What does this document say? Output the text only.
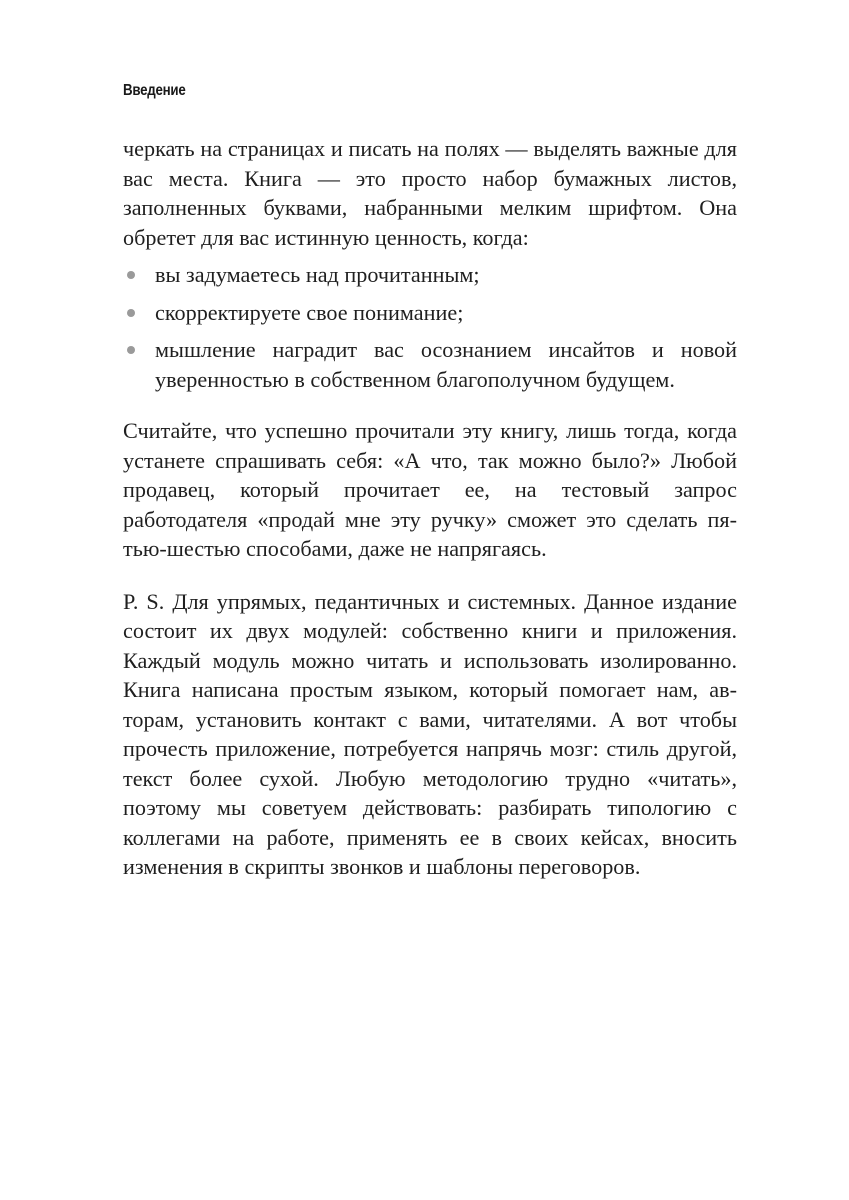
Введение

черкать на страницах и писать на полях — выделять важные для вас места. Книга — это просто набор бумажных листов, заполненных буквами, набранными мелким шрифтом. Она обретет для вас истинную ценность, когда:

вы задумаетесь над прочитанным;
скорректируете свое понимание;
мышление наградит вас осознанием инсайтов и новой уверенностью в собственном благополучном будущем.

Считайте, что успешно прочитали эту книгу, лишь тогда, когда устанете спрашивать себя: «А что, так можно было?» Любой продавец, который прочитает ее, на тестовый запрос работодателя «продай мне эту ручку» сможет это сделать пятью-шестью способами, даже не напрягаясь.

P. S. Для упрямых, педантичных и системных. Данное издание состоит их двух модулей: собственно книги и приложения. Каждый модуль можно читать и использовать изолированно. Книга написана простым языком, который помогает нам, авторам, установить контакт с вами, читателями. А вот чтобы прочесть приложение, потребуется напрячь мозг: стиль другой, текст более сухой. Любую методологию трудно «читать», поэтому мы советуем действовать: разбирать типологию с коллегами на работе, применять ее в своих кейсах, вносить изменения в скрипты звонков и шаблоны переговоров.
